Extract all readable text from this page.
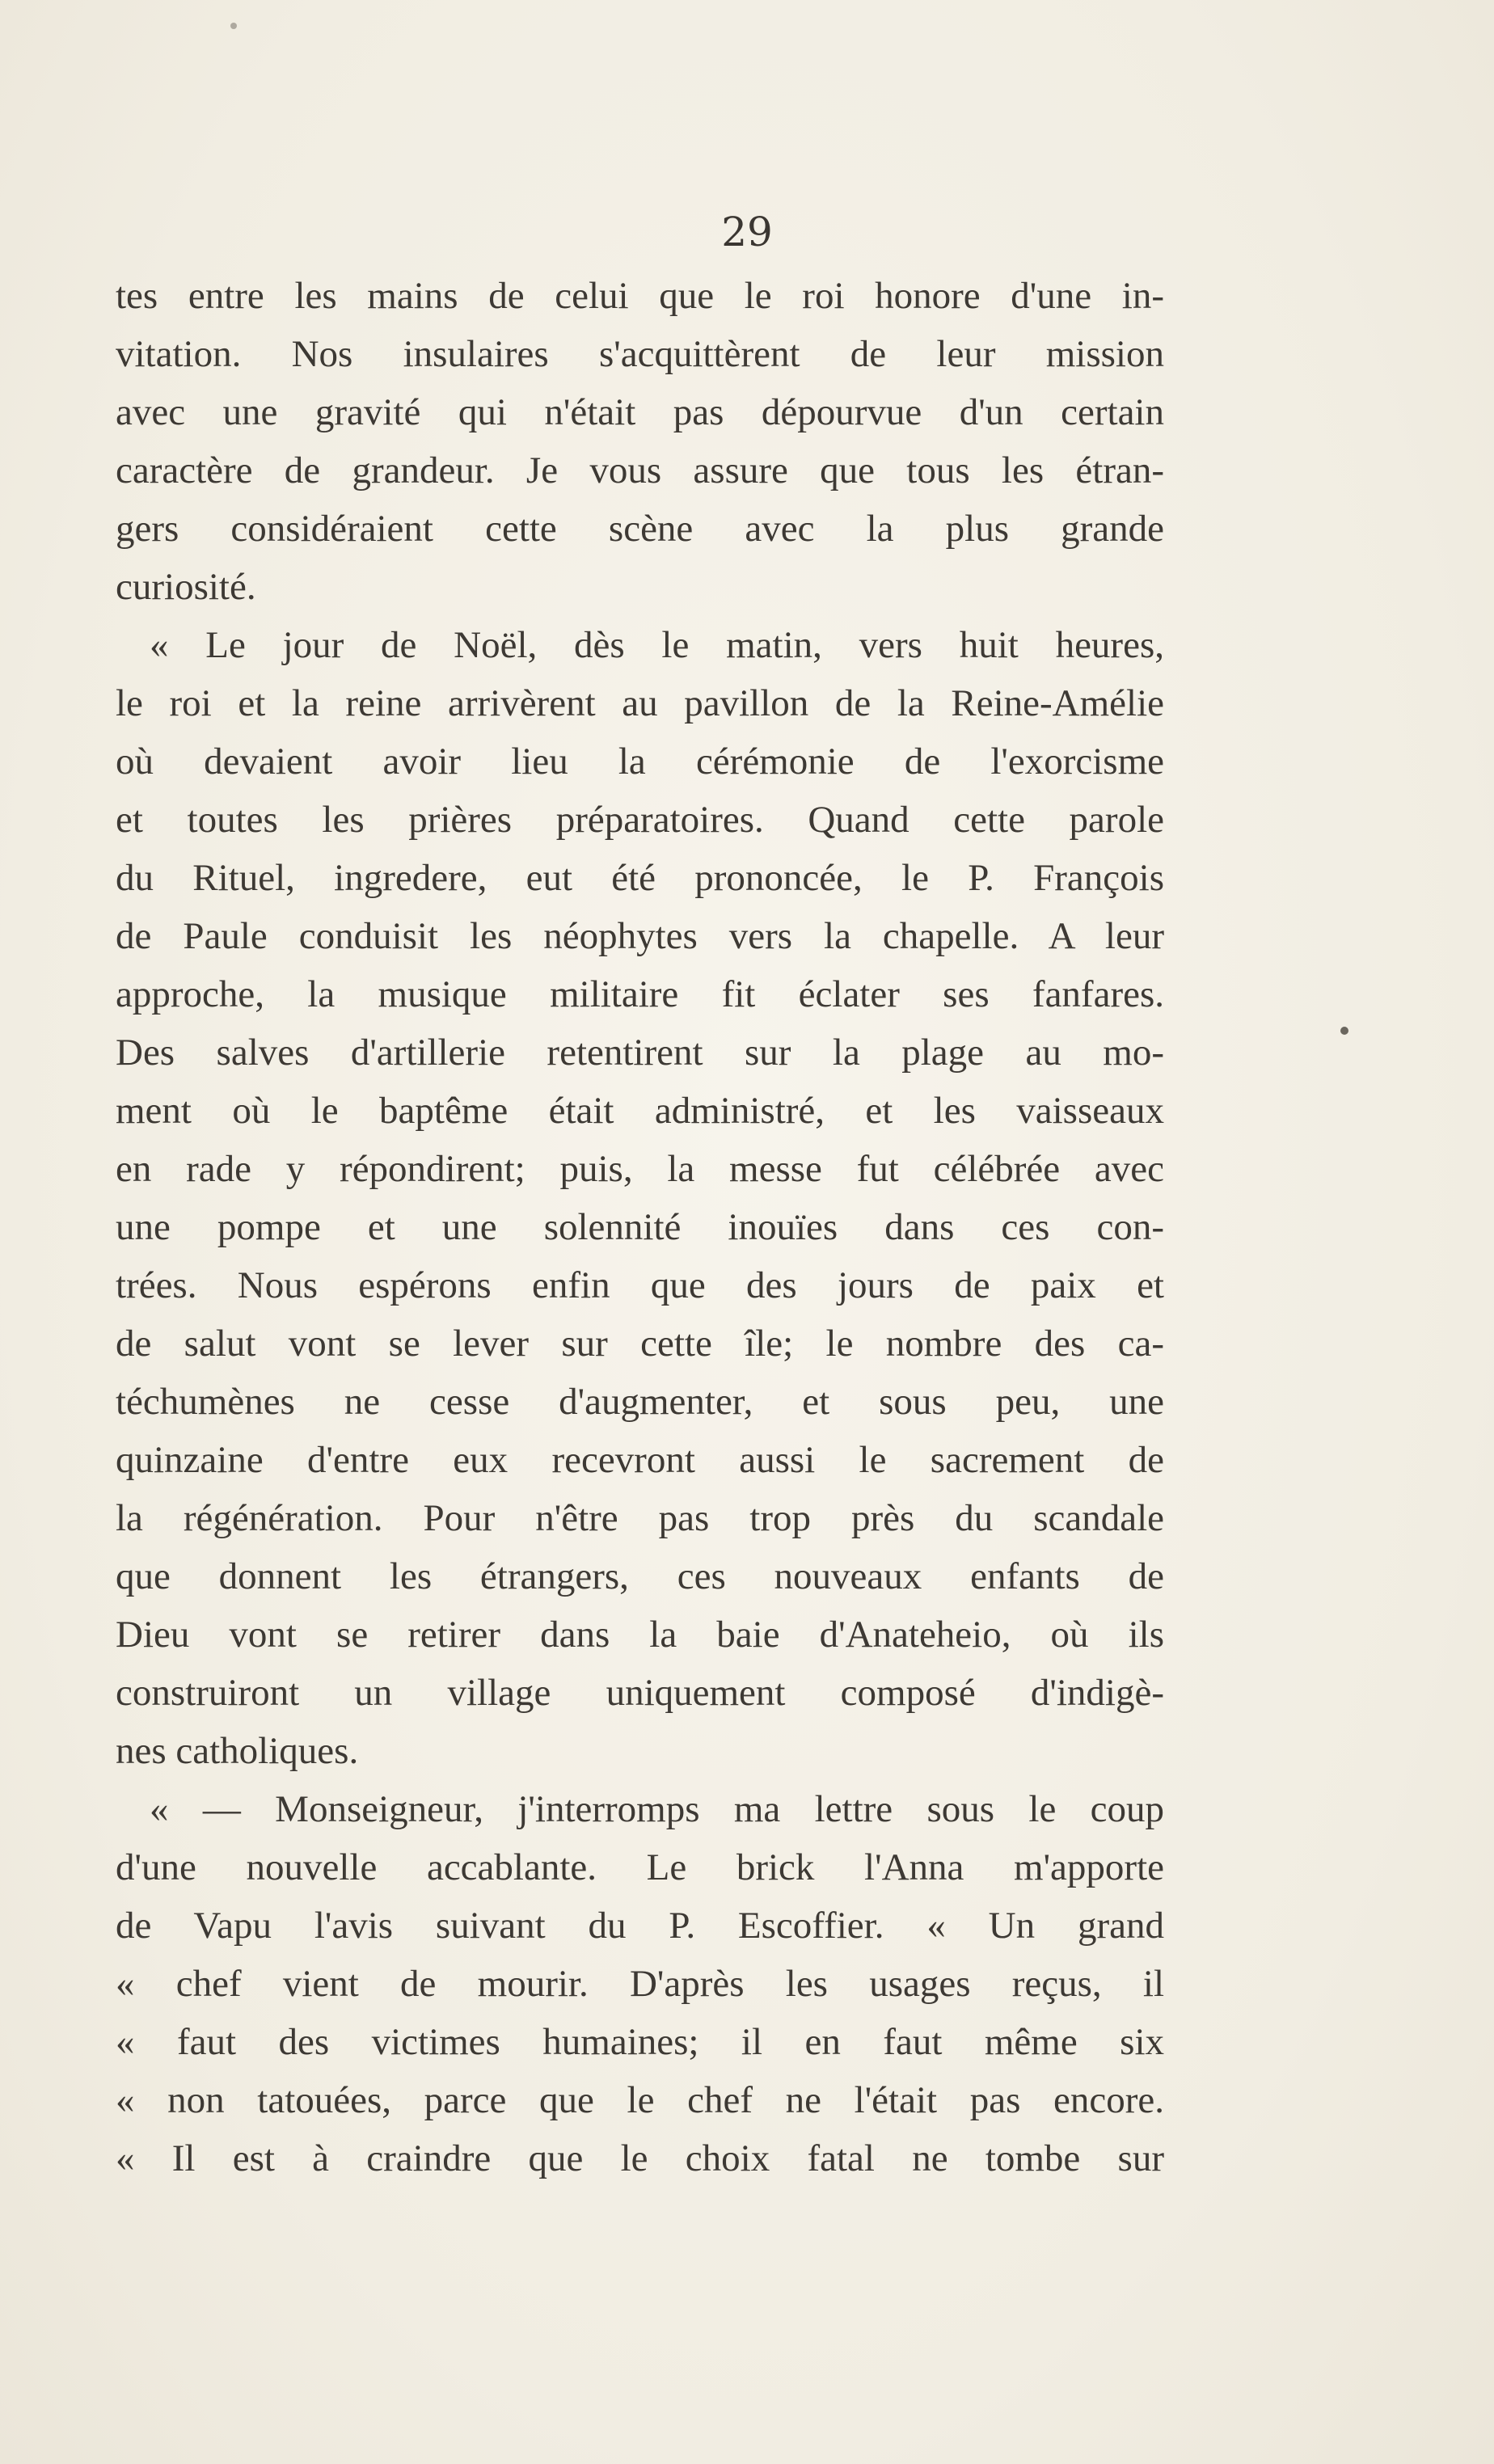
29
tes entre les mains de celui que le roi honore d'une in-
vitation. Nos insulaires s'acquittèrent de leur mission
avec une gravité qui n'était pas dépourvue d'un certain
caractère de grandeur. Je vous assure que tous les étran-
gers considéraient cette scène avec la plus grande
curiosité.
« Le jour de Noël, dès le matin, vers huit heures,
le roi et la reine arrivèrent au pavillon de la Reine-Amélie
où devaient avoir lieu la cérémonie de l'exorcisme
et toutes les prières préparatoires. Quand cette parole
du Rituel, ingredere, eut été prononcée, le P. François
de Paule conduisit les néophytes vers la chapelle. A leur
approche, la musique militaire fit éclater ses fanfares.
Des salves d'artillerie retentirent sur la plage au mo-
ment où le baptême était administré, et les vaisseaux
en rade y répondirent; puis, la messe fut célébrée avec
une pompe et une solennité inouïes dans ces con-
trées. Nous espérons enfin que des jours de paix et
de salut vont se lever sur cette île; le nombre des ca-
téchumènes ne cesse d'augmenter, et sous peu, une
quinzaine d'entre eux recevront aussi le sacrement de
la régénération. Pour n'être pas trop près du scandale
que donnent les étrangers, ces nouveaux enfants de
Dieu vont se retirer dans la baie d'Anateheio, où ils
construiront un village uniquement composé d'indigè-
nes catholiques.
« — Monseigneur, j'interromps ma lettre sous le coup
d'une nouvelle accablante. Le brick l'Anna m'apporte
de Vapu l'avis suivant du P. Escoffier. « Un grand
« chef vient de mourir. D'après les usages reçus, il
« faut des victimes humaines; il en faut même six
« non tatouées, parce que le chef ne l'était pas encore.
« Il est à craindre que le choix fatal ne tombe sur
